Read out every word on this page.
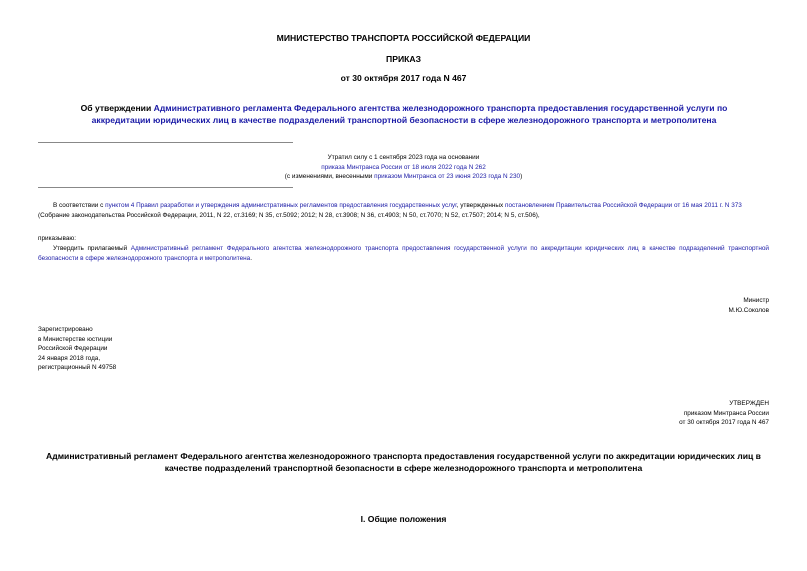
МИНИСТЕРСТВО ТРАНСПОРТА РОССИЙСКОЙ ФЕДЕРАЦИИ
ПРИКАЗ
от 30 октября 2017 года N 467
Об утверждении Административного регламента Федерального агентства железнодорожного транспорта предоставления государственной услуги по аккредитации юридических лиц в качестве подразделений транспортной безопасности в сфере железнодорожного транспорта и метрополитена
Утратил силу с 1 сентября 2023 года на основании
приказа Минтранса России от 18 июля 2022 года N 262
(с изменениями, внесенными приказом Минтранса от 23 июня 2023 года N 230)
В соответствии с пунктом 4 Правил разработки и утверждения административных регламентов предоставления государственных услуг, утвержденных постановлением Правительства Российской Федерации от 16 мая 2011 г. N 373 (Собрание законодательства Российской Федерации, 2011, N 22, ст.3169; N 35, ст.5092; 2012; N 28, ст.3908; N 36, ст.4903; N 50, ст.7070; N 52, ст.7507; 2014; N 5, ст.506),
приказываю:
Утвердить прилагаемый Административный регламент Федерального агентства железнодорожного транспорта предоставления государственной услуги по аккредитации юридических лиц в качестве подразделений транспортной безопасности в сфере железнодорожного транспорта и метрополитена.
Министр
М.Ю.Соколов
Зарегистрировано
в Министерстве юстиции
Российской Федерации
24 января 2018 года,
регистрационный N 49758
УТВЕРЖДЕН
приказом Минтранса России
от 30 октября 2017 года N 467
Административный регламент Федерального агентства железнодорожного транспорта предоставления государственной услуги по аккредитации юридических лиц в качестве подразделений транспортной безопасности в сфере железнодорожного транспорта и метрополитена
I. Общие положения
